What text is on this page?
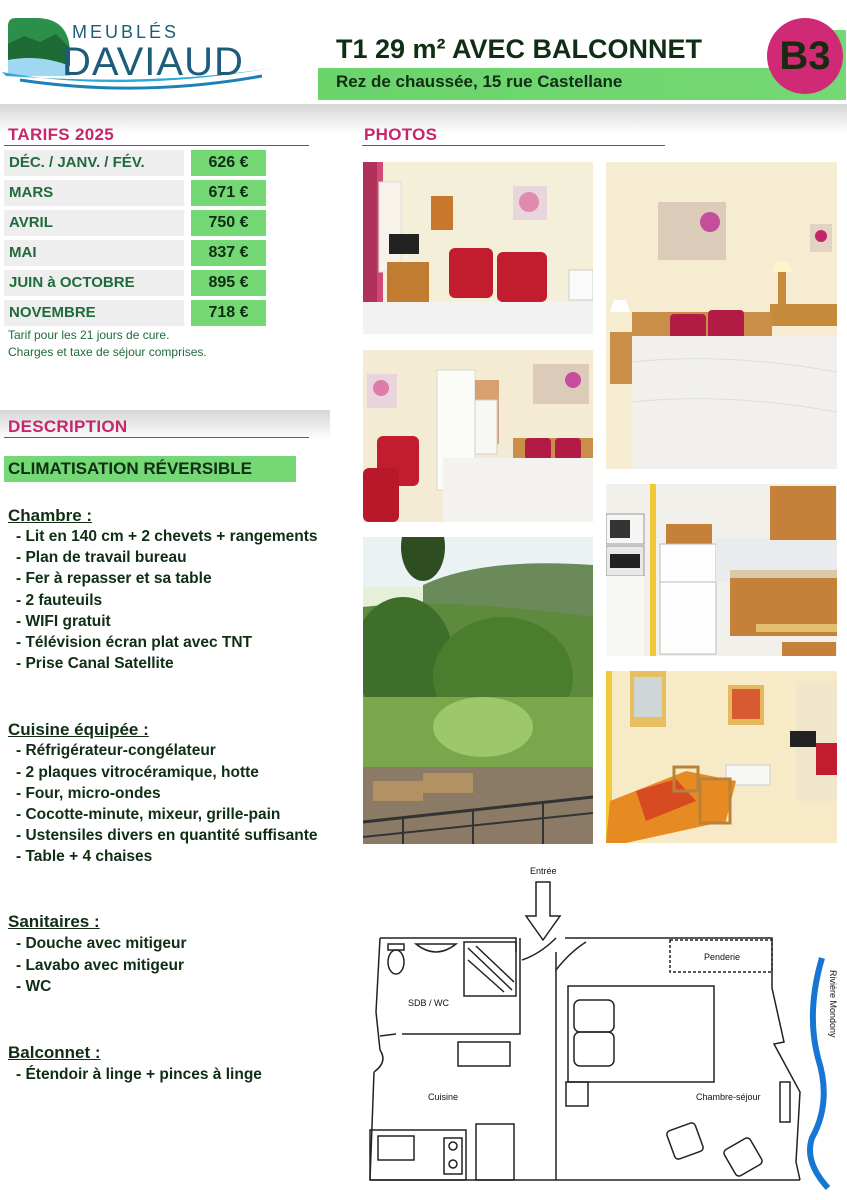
MEUBLÉS
DAVIAUD	T1 29 m² AVEC BALCONNET
Rez de chaussée, 15 rue Castellane
B3
TARIFS 2025
DÉC. / JANV. / FÉV.	626 €
MARS	671 €
AVRIL	750 €
MAI	837 €
JUIN à OCTOBRE	895 €
NOVEMBRE	718 €
Tarif pour les 21 jours de cure.
Charges et taxe de séjour comprises.
DESCRIPTION
CLIMATISATION RÉVERSIBLE
Chambre :
- Lit en 140 cm + 2 chevets + rangements
- Plan de travail bureau
- Fer à repasser et sa table
- 2 fauteuils
- WIFI gratuit
- Télévision écran plat avec TNT
- Prise Canal Satellite
Cuisine équipée :
- Réfrigérateur-congélateur
- 2 plaques vitrocéramique, hotte
- Four, micro-ondes
- Cocotte-minute, mixeur, grille-pain
- Ustensiles divers en quantité suffisante
- Table + 4 chaises
Sanitaires :
- Douche avec mitigeur
- Lavabo avec mitigeur
- WC
Balconnet :
- Étendoir à linge + pinces à linge
PHOTOS
Entrée
SDB / WC
Penderie
Cuisine	Chambre-séjour
Rivière Mondony
